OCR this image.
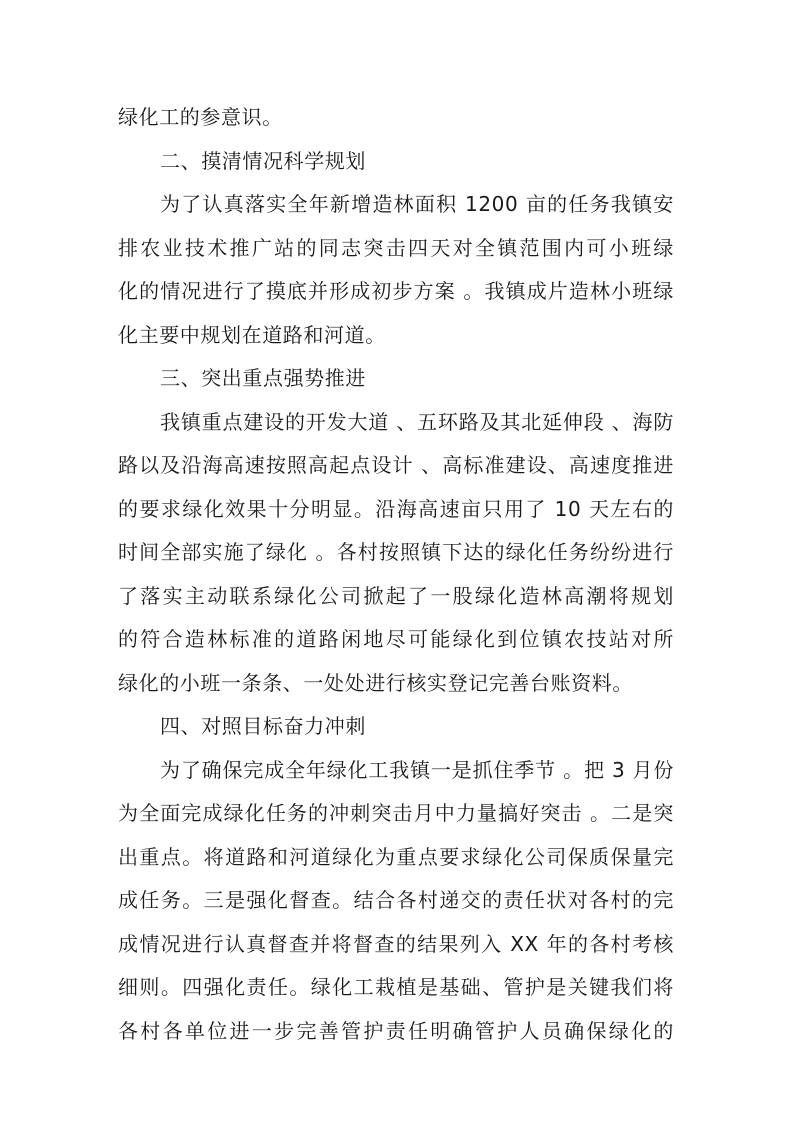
绿化工的参意识。
二、摸清情况科学规划
为了认真落实全年新增造林面积 1200 亩的任务我镇安
排农业技术推广站的同志突击四天对全镇范围内可小班绿
化的情况进行了摸底并形成初步方案 。我镇成片造林小班绿
化主要中规划在道路和河道。
三、突出重点强势推进
我镇重点建设的开发大道 、五环路及其北延伸段 、海防
路以及沿海高速按照高起点设计 、高标准建设、高速度推进
的要求绿化效果十分明显。沿海高速亩只用了 10 天左右的
时间全部实施了绿化 。各村按照镇下达的绿化任务纷纷进行
了落实主动联系绿化公司掀起了一股绿化造林高潮将规划
的符合造林标准的道路闲地尽可能绿化到位镇农技站对所
绿化的小班一条条、一处处进行核实登记完善台账资料。
四、对照目标奋力冲刺
为了确保完成全年绿化工我镇一是抓住季节 。把 3 月份
为全面完成绿化任务的冲刺突击月中力量搞好突击 。二是突
出重点。将道路和河道绿化为重点要求绿化公司保质保量完
成任务。三是强化督查。结合各村递交的责任状对各村的完
成情况进行认真督查并将督查的结果列入 XX 年的各村考核
细则。四强化责任。绿化工栽植是基础、管护是关键我们将
各村各单位进一步完善管护责任明确管护人员确保绿化的
